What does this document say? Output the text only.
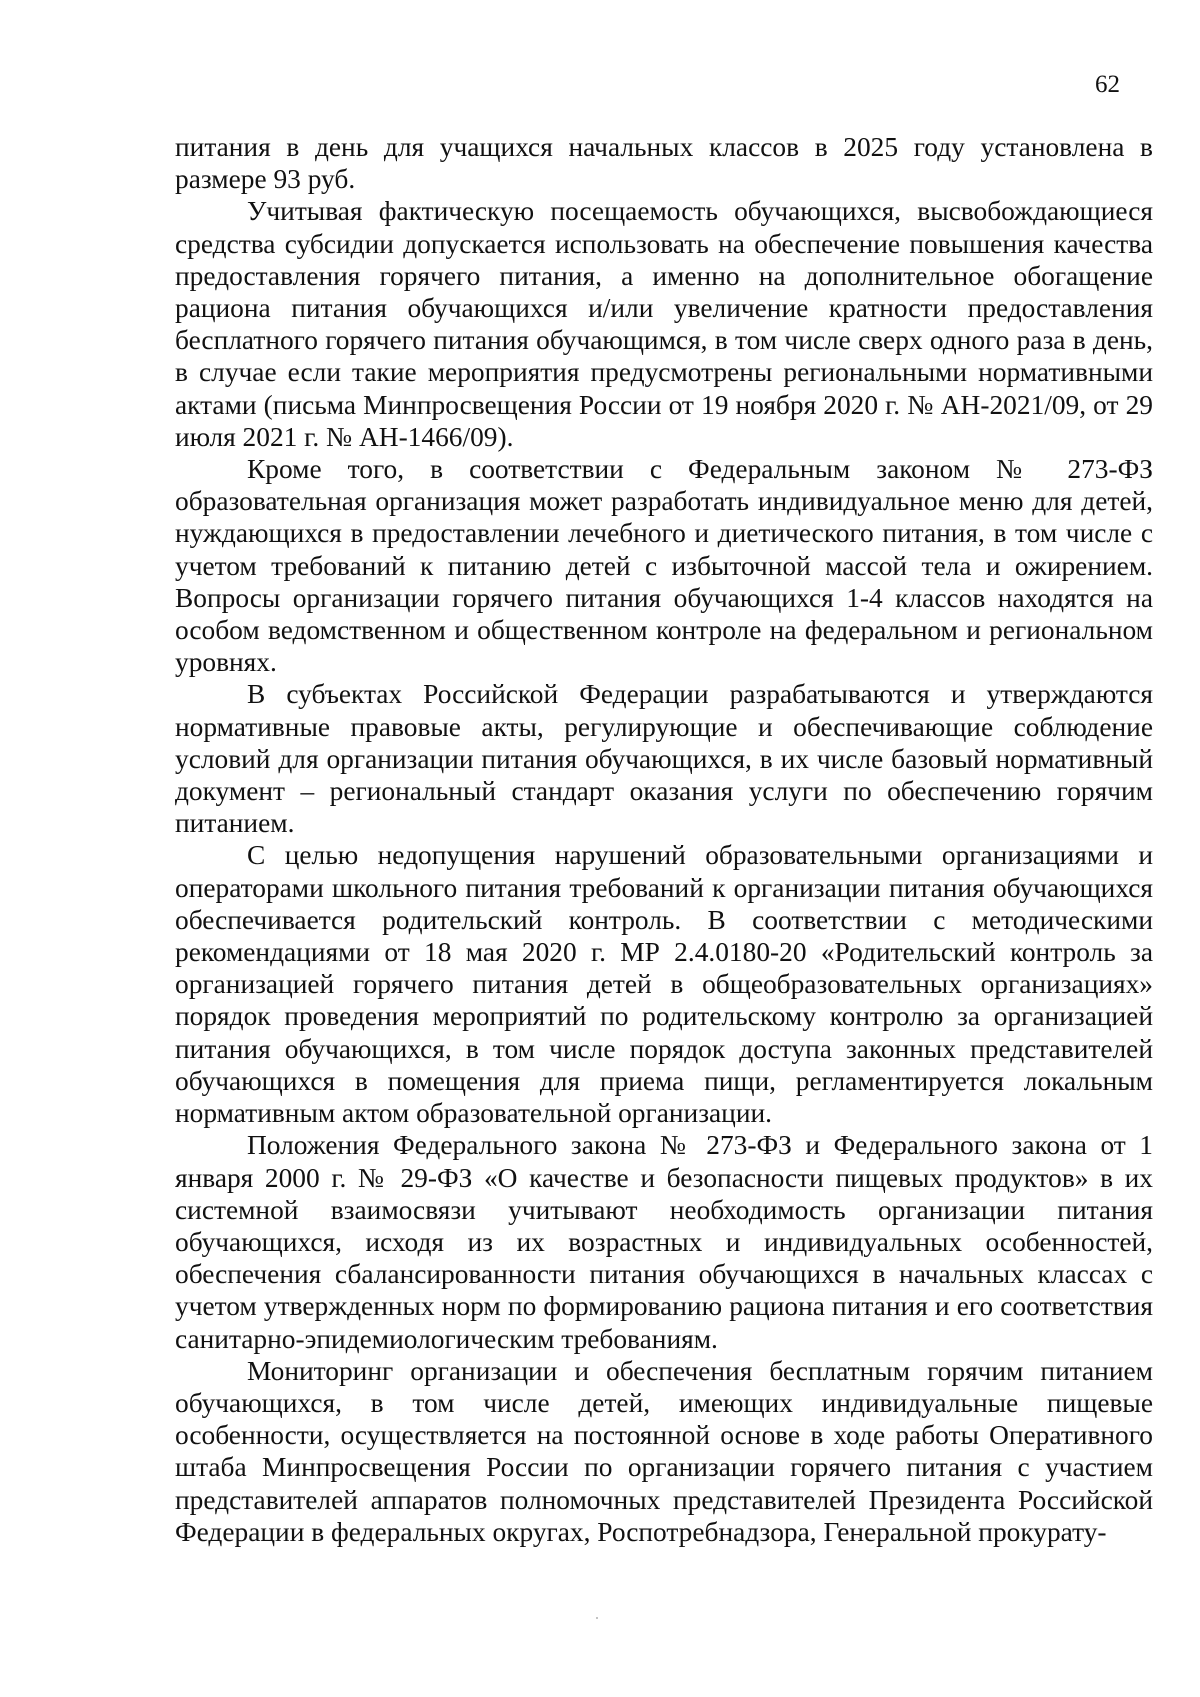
62

питания в день для учащихся начальных классов в 2025 году установлена в размере 93 руб.

Учитывая фактическую посещаемость обучающихся, высвобождающиеся средства субсидии допускается использовать на обеспечение повышения качества предоставления горячего питания, а именно на дополнительное обогащение рациона питания обучающихся и/или увеличение кратности предоставления бесплатного горячего питания обучающимся, в том числе сверх одного раза в день, в случае если такие мероприятия предусмотрены региональными нормативными актами (письма Минпросвещения России от 19 ноября 2020 г. № АН-2021/09, от 29 июля 2021 г. № АН-1466/09).

Кроме того, в соответствии с Федеральным законом № 273-ФЗ образовательная организация может разработать индивидуальное меню для детей, нуждающихся в предоставлении лечебного и диетического питания, в том числе с учетом требований к питанию детей с избыточной массой тела и ожирением. Вопросы организации горячего питания обучающихся 1-4 классов находятся на особом ведомственном и общественном контроле на федеральном и региональном уровнях.

В субъектах Российской Федерации разрабатываются и утверждаются нормативные правовые акты, регулирующие и обеспечивающие соблюдение условий для организации питания обучающихся, в их числе базовый нормативный документ – региональный стандарт оказания услуги по обеспечению горячим питанием.

С целью недопущения нарушений образовательными организациями и операторами школьного питания требований к организации питания обучающихся обеспечивается родительский контроль. В соответствии с методическими рекомендациями от 18 мая 2020 г. МР 2.4.0180-20 «Родительский контроль за организацией горячего питания детей в общеобразовательных организациях» порядок проведения мероприятий по родительскому контролю за организацией питания обучающихся, в том числе порядок доступа законных представителей обучающихся в помещения для приема пищи, регламентируется локальным нормативным актом образовательной организации.

Положения Федерального закона № 273-ФЗ и Федерального закона от 1 января 2000 г. № 29-ФЗ «О качестве и безопасности пищевых продуктов» в их системной взаимосвязи учитывают необходимость организации питания обучающихся, исходя из их возрастных и индивидуальных особенностей, обеспечения сбалансированности питания обучающихся в начальных классах с учетом утвержденных норм по формированию рациона питания и его соответствия санитарно-эпидемиологическим требованиям.

Мониторинг организации и обеспечения бесплатным горячим питанием обучающихся, в том числе детей, имеющих индивидуальные пищевые особенности, осуществляется на постоянной основе в ходе работы Оперативного штаба Минпросвещения России по организации горячего питания с участием представителей аппаратов полномочных представителей Президента Российской Федерации в федеральных округах, Роспотребнадзора, Генеральной прокурату-
